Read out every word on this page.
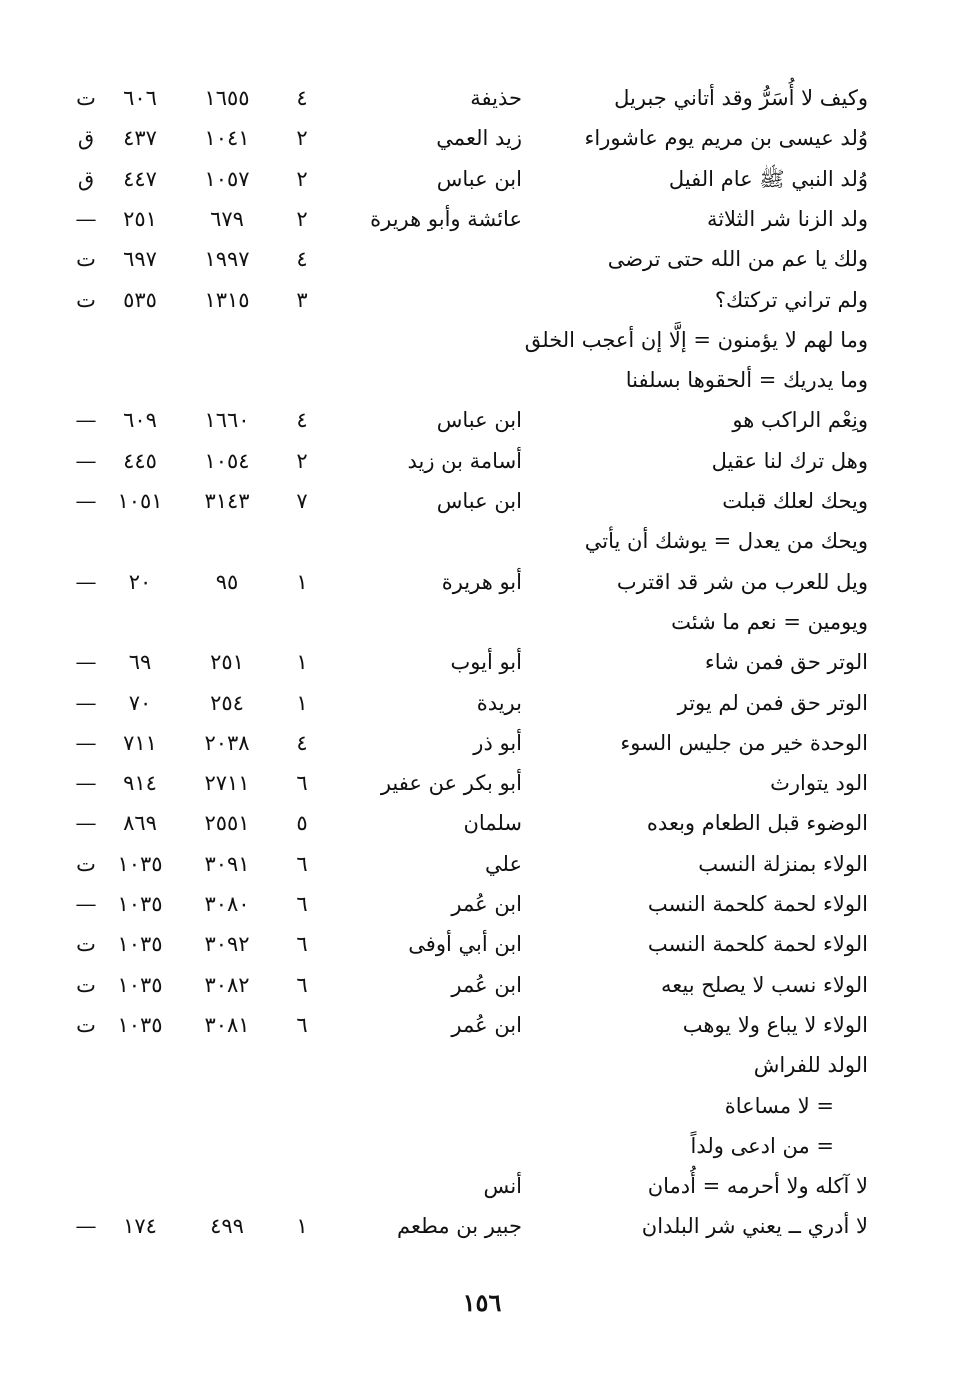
وكيف لا أُسَرُّ وقد أتاني جبريل
حذيفة
٤
١٦٥٥
٦٠٦
ت
وُلد عيسى بن مريم يوم عاشوراء
زيد العمي
٢
١٠٤١
٤٣٧
ق
وُلد النبي ﷺ عام الفيل
ابن عباس
٢
١٠٥٧
٤٤٧
ق
ولد الزنا شر الثلاثة
عائشة وأبو هريرة
٢
٦٧٩
٢٥١
—
ولك يا عم من الله حتى ترضى
٤
١٩٩٧
٦٩٧
ت
ولم تراني تركتك؟
٣
١٣١٥
٥٣٥
ت
وما لهم لا يؤمنون = إلَّا إن أعجب الخلق
وما يدريك = ألحقوها بسلفنا
ونِعْم الراكب هو
ابن عباس
٤
١٦٦٠
٦٠٩
—
وهل ترك لنا عقيل
أسامة بن زيد
٢
١٠٥٤
٤٤٥
—
ويحك لعلك قبلت
ابن عباس
٧
٣١٤٣
١٠٥١
—
ويحك من يعدل = يوشك أن يأتي
ويل للعرب من شر قد اقترب
أبو هريرة
١
٩٥
٢٠
—
ويومين = نعم ما شئت
الوتر حق فمن شاء
أبو أيوب
١
٢٥١
٦٩
—
الوتر حق فمن لم يوتر
بريدة
١
٢٥٤
٧٠
—
الوحدة خير من جليس السوء
أبو ذر
٤
٢٠٣٨
٧١١
—
الود يتوارث
أبو بكر عن عفير
٦
٢٧١١
٩١٤
—
الوضوء قبل الطعام وبعده
سلمان
٥
٢٥٥١
٨٦٩
—
الولاء بمنزلة النسب
علي
٦
٣٠٩١
١٠٣٥
ت
الولاء لحمة كلحمة النسب
ابن عُمر
٦
٣٠٨٠
١٠٣٥
—
الولاء لحمة كلحمة النسب
ابن أبي أوفى
٦
٣٠٩٢
١٠٣٥
ت
الولاء نسب لا يصلح بيعه
ابن عُمر
٦
٣٠٨٢
١٠٣٥
ت
الولاء لا يباع ولا يوهب
ابن عُمر
٦
٣٠٨١
١٠٣٥
ت
الولد للفراش
= لا مساعاة
= من ادعى ولداً
لا آكله ولا أحرمه = أُدمان
أنس
لا أدري ــ يعني شر البلدان
جبير بن مطعم
١
٤٩٩
١٧٤
—
١٥٦
